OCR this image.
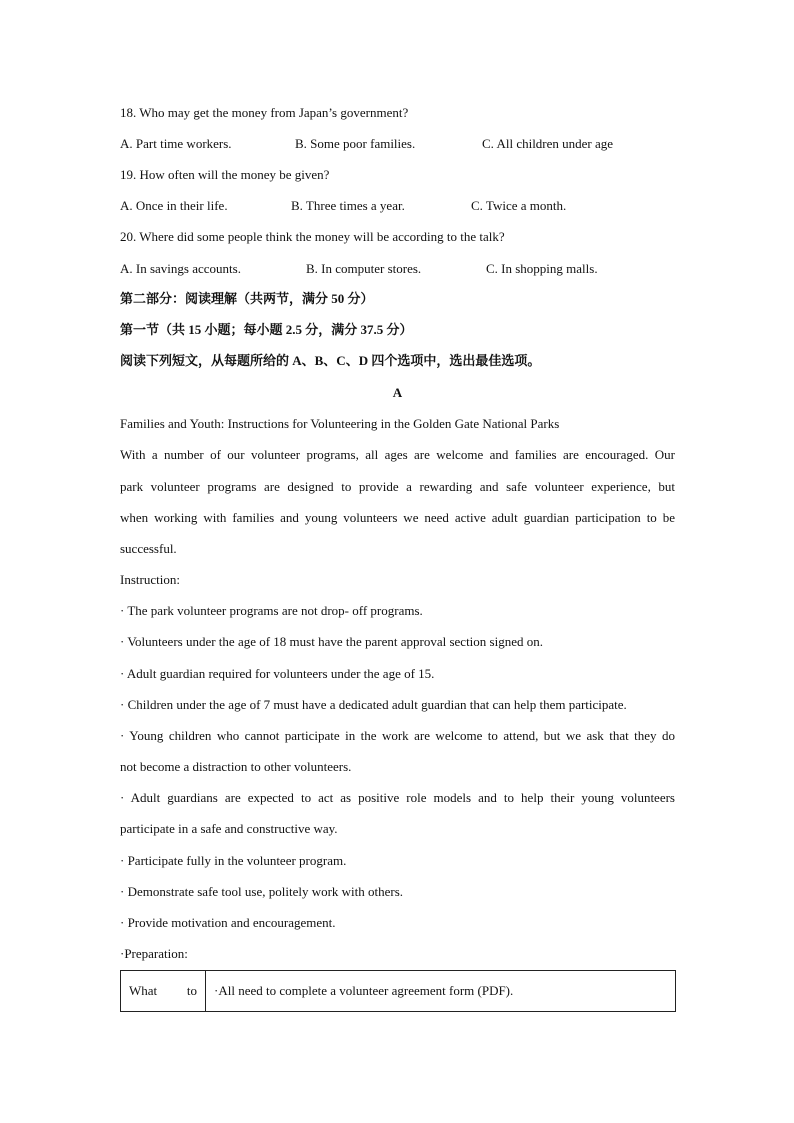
18. Who may get the money from Japan’s government?
A. Part time workers.	B. Some poor families.	C. All children under age
19. How often will the money be given?
A. Once in their life.	B. Three times a year.	C. Twice a month.
20. Where did some people think the money will be according to the talk?
A. In savings accounts.	B. In computer stores.	C. In shopping malls.
第二部分：阅读理解（共两节，满分 50 分）
第一节（共 15 小题；每小题 2.5 分，满分 37.5 分）
阅读下列短文，从每题所给的 A、B、C、D 四个选项中，选出最佳选项。
A
Families and Youth: Instructions for Volunteering in the Golden Gate National Parks
With a number of our volunteer programs, all ages are welcome and families are encouraged. Our
park volunteer programs are designed to provide a rewarding and safe volunteer experience, but
when working with families and young volunteers we need active adult guardian participation to be
successful.
Instruction:
· The park volunteer programs are not drop- off programs.
· Volunteers under the age of 18 must have the parent approval section signed on.
· Adult guardian required for volunteers under the age of 15.
· Children under the age of 7 must have a dedicated adult guardian that can help them participate.
· Young children who cannot participate in the work are welcome to attend, but we ask that they do
not become a distraction to other volunteers.
· Adult guardians are expected to act as positive role models and to help their young volunteers
participate in a safe and constructive way.
· Participate fully in the volunteer program.
· Demonstrate safe tool use, politely work with others.
· Provide motivation and encouragement.
·Preparation:
What to	·All need to complete a volunteer agreement form (PDF).
